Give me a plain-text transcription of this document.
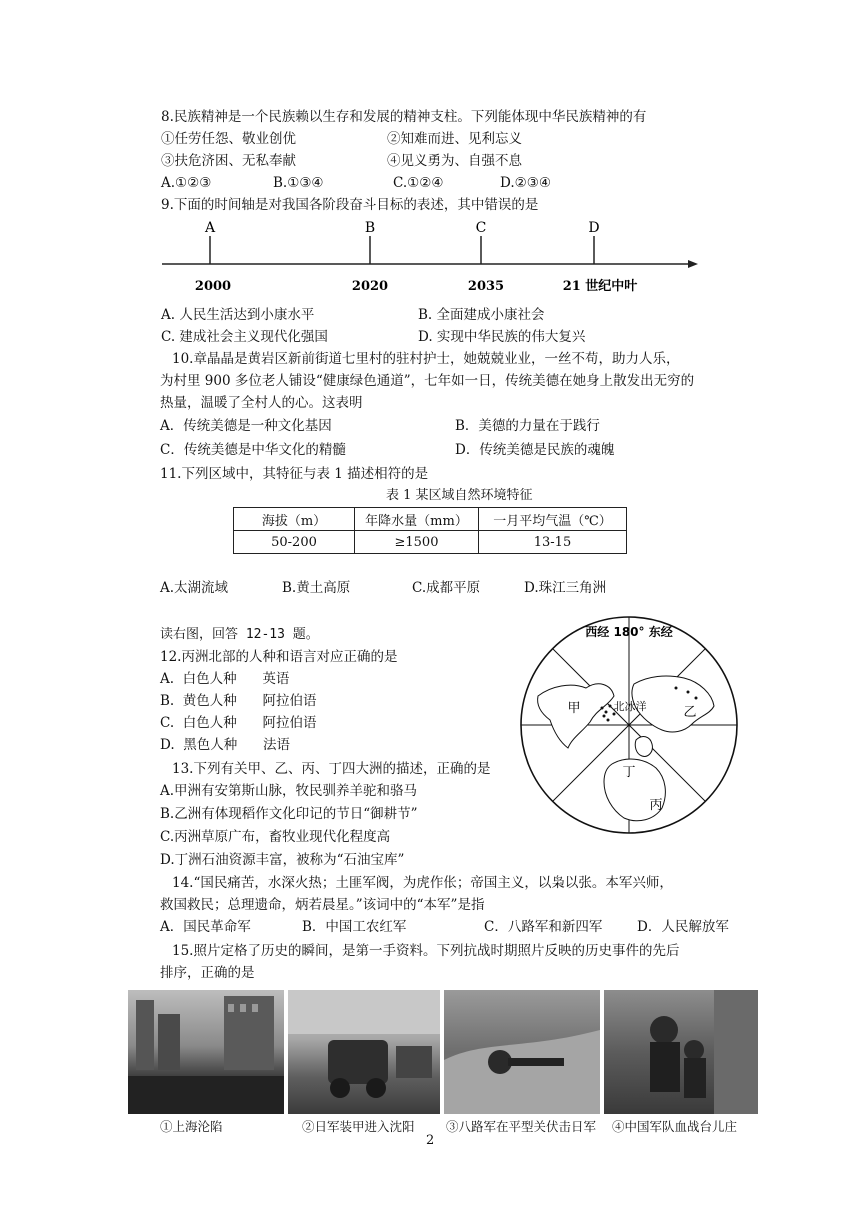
8.民族精神是一个民族赖以生存和发展的精神支柱。下列能体现中华民族精神的有
①任劳任怨、敬业创优	②知难而进、见利忘义
③扶危济困、无私奉献	④见义勇为、自强不息
A.①②③	B.①③④	C.①②④	D.②③④
9.下面的时间轴是对我国各阶段奋斗目标的表述，其中错误的是
A	B	C	D
2000	2020	2035	21 世纪中叶
A. 人民生活达到小康水平	B. 全面建成小康社会
C. 建成社会主义现代化强国	D. 实现中华民族的伟大复兴
10.章晶晶是黄岩区新前街道七里村的驻村护士，她兢兢业业，一丝不苟，助力人乐，
为村里 900 多位老人铺设“健康绿色通道”，七年如一日，传统美德在她身上散发出无穷的
热量，温暖了全村人的心。这表明
A．传统美德是一种文化基因	B．美德的力量在于践行
C．传统美德是中华文化的精髓	D．传统美德是民族的魂魄
11.下列区域中，其特征与表 1 描述相符的是
表 1 某区域自然环境特征
海拔（m）	年降水量（mm）	一月平均气温（℃）
50-200	≥1500	13-15
A.太湖流域	B.黄土高原	C.成都平原	D.珠江三角洲
读右图，回答 12-13 题。	西经 180° 东经
北冰洋
甲	乙
丙
丁
12.丙洲北部的人种和语言对应正确的是
A.  白色人种      英语
B.  黄色人种      阿拉伯语
C.  白色人种      阿拉伯语
D.  黑色人种      法语
13.下列有关甲、乙、丙、丁四大洲的描述，正确的是
A.甲洲有安第斯山脉，牧民驯养羊驼和骆马
B.乙洲有体现稻作文化印记的节日“御耕节”
C.丙洲草原广布，畜牧业现代化程度高
D.丁洲石油资源丰富，被称为“石油宝库”
14.“国民痛苦，水深火热；土匪军阀，为虎作伥；帝国主义，以枭以张。本军兴师，
救国救民；总理遗命，炳若晨星。”该词中的“本军”是指
A．国民革命军	B．中国工农红军	C．八路军和新四军	D．人民解放军
15.照片定格了历史的瞬间，是第一手资料。下列抗战时期照片反映的历史事件的先后
排序，正确的是
①上海沦陷	②日军装甲进入沈阳	③八路军在平型关伏击日军 ④中国军队血战台儿庄
2
